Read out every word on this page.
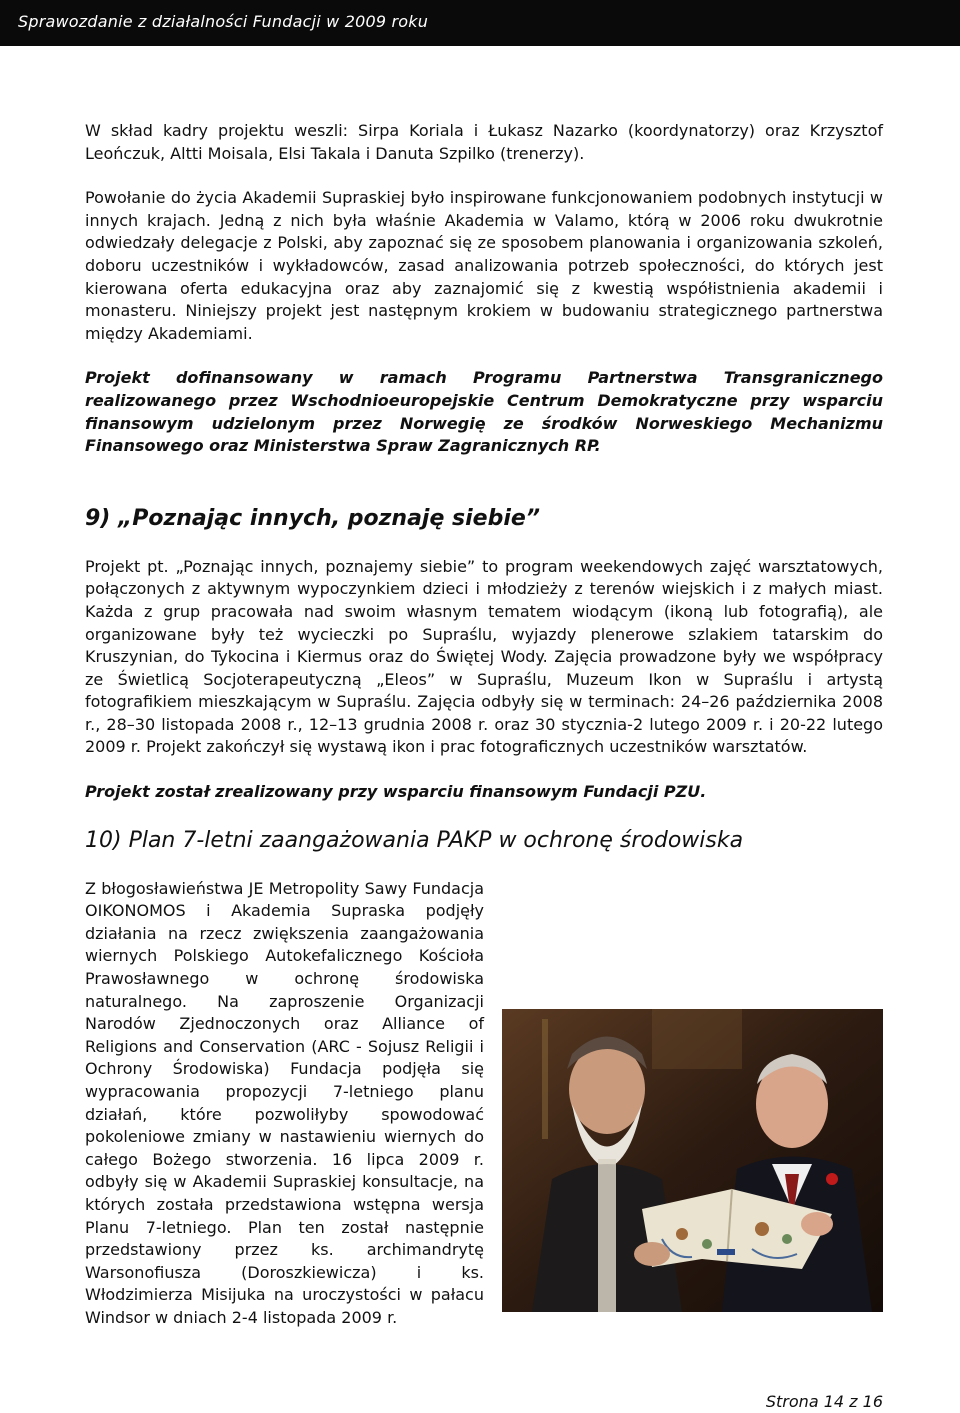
Sprawozdanie z działalności Fundacji w 2009 roku

W skład kadry projektu weszli: Sirpa Koriala i Łukasz Nazarko (koordynatorzy) oraz Krzysztof Leończuk, Altti Moisala, Elsi Takala i Danuta Szpilko (trenerzy).

Powołanie do życia Akademii Supraskiej było inspirowane funkcjonowaniem podobnych instytucji w innych krajach. Jedną z nich była właśnie Akademia w Valamo, którą w 2006 roku dwukrotnie odwiedzały delegacje z Polski, aby zapoznać się ze sposobem planowania i organizowania szkoleń, doboru uczestników i wykładowców, zasad analizowania potrzeb społeczności, do których jest kierowana oferta edukacyjna oraz aby zaznajomić się z kwestią współistnienia akademii i monasteru. Niniejszy projekt jest następnym krokiem w budowaniu strategicznego partnerstwa między Akademiami.

Projekt dofinansowany w ramach Programu Partnerstwa Transgranicznego realizowanego przez Wschodnioeuropejskie Centrum Demokratyczne przy wsparciu finansowym udzielonym przez Norwegię ze środków Norweskiego Mechanizmu Finansowego oraz Ministerstwa Spraw Zagranicznych RP.

9) „Poznając innych, poznaję siebie”

Projekt pt. „Poznając innych, poznajemy siebie” to program weekendowych zajęć warsztatowych, połączonych z aktywnym wypoczynkiem dzieci i młodzieży z terenów wiejskich i z małych miast. Każda z grup pracowała nad swoim własnym tematem wiodącym (ikoną lub fotografią), ale organizowane były też wycieczki po Supraślu, wyjazdy plenerowe szlakiem tatarskim do Kruszynian, do Tykocina i Kiermus oraz do Świętej Wody. Zajęcia prowadzone były we współpracy ze Świetlicą Socjoterapeutyczną „Eleos” w Supraślu, Muzeum Ikon w Supraślu i artystą fotografikiem mieszkającym w Supraślu. Zajęcia odbyły się w terminach: 24–26 października 2008 r., 28–30 listopada 2008 r., 12–13 grudnia 2008 r. oraz 30 stycznia-2 lutego 2009 r. i 20-22 lutego 2009 r. Projekt zakończył się wystawą ikon i prac fotograficznych uczestników warsztatów.

Projekt został zrealizowany przy wsparciu finansowym Fundacji PZU.

10) Plan 7-letni zaangażowania PAKP w ochronę środowiska

Z błogosławieństwa JE Metropolity Sawy Fundacja OIKONOMOS i Akademia Supraska podjęły działania na rzecz zwiększenia zaangażowania wiernych Polskiego Autokefalicznego Kościoła Prawosławnego w ochronę środowiska naturalnego. Na zaproszenie Organizacji Narodów Zjednoczonych oraz Alliance of Religions and Conservation (ARC - Sojusz Religii i Ochrony Środowiska) Fundacja podjęła się wypracowania propozycji 7-letniego planu działań, które pozwoliłyby spowodować pokoleniowe zmiany w nastawieniu wiernych do całego Bożego stworzenia. 16 lipca 2009 r. odbyły się w Akademii Supraskiej konsultacje, na których została przedstawiona wstępna wersja Planu 7-letniego. Plan ten został następnie przedstawiony przez ks. archimandrytę Warsonofiusza (Doroszkiewicza) i ks. Włodzimierza Misijuka na uroczystości w pałacu Windsor w dniach 2-4 listopada 2009 r.

Strona 14 z 16
